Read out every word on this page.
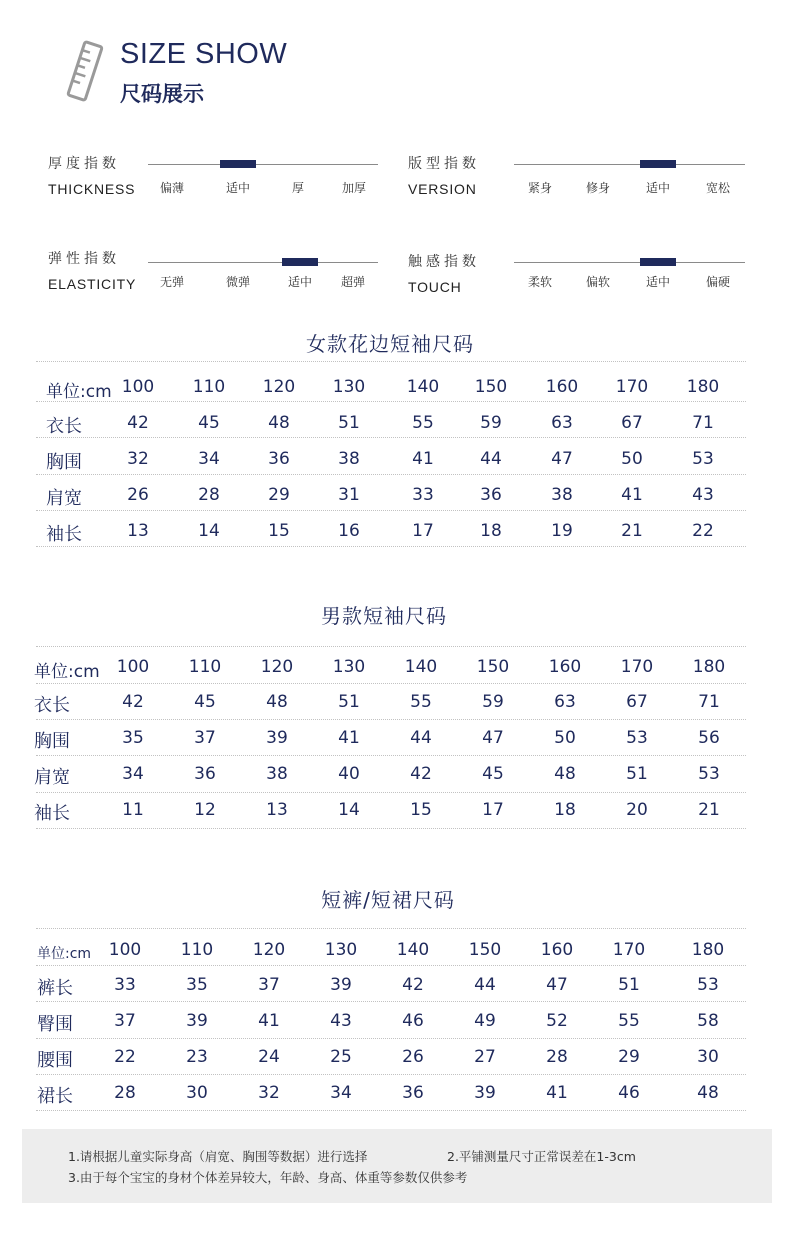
SIZE SHOW
尺码展示
厚度指数
THICKNESS 偏薄	适中	厚	加厚
版型指数
VERSION	紧身	修身	适中	宽松
弹性指数
ELASTICITY 无弹	微弹	适中 超弹
触感指数
TOUCH	柔软	偏软	适中	偏硬
女款花边短袖尺码
单位:cm 100 110 120 130 140 150 160 170 180
衣长	42	45	48	51	55	59	63	67	71
胸围	32	34	36	38	41	44	47	50	53
肩宽	26	28	29	31	33	36	38	41	43
袖长	13	14	15	16	17	18	19	21	22
男款短袖尺码
单位:cm 100 110 120 130 140 150 160 170 180
衣长	42	45	48	51	55	59	63	67	71
胸围	35	37	39	41	44	47	50	53	56
肩宽	34	36	38	40	42	45	48	51	53
袖长	11	12	13	14	15	17	18	20	21
短裤/短裙尺码
单位:cm 100 110 120 130 140 150 160 170	180
裤长 33	35	37	39	42	44	47	51	53
臀围 37	39	41	43	46	49	52	55	58
腰围 22	23	24	25	26	27	28	29	30
裙长 28	30	32	34	36	39	41	46	48
1.请根据儿童实际身高（肩宽、胸围等数据）进行选择	2.平铺测量尺寸正常误差在1-3cm
3.由于每个宝宝的身材个体差异较大，年龄、身高、体重等参数仅供参考
